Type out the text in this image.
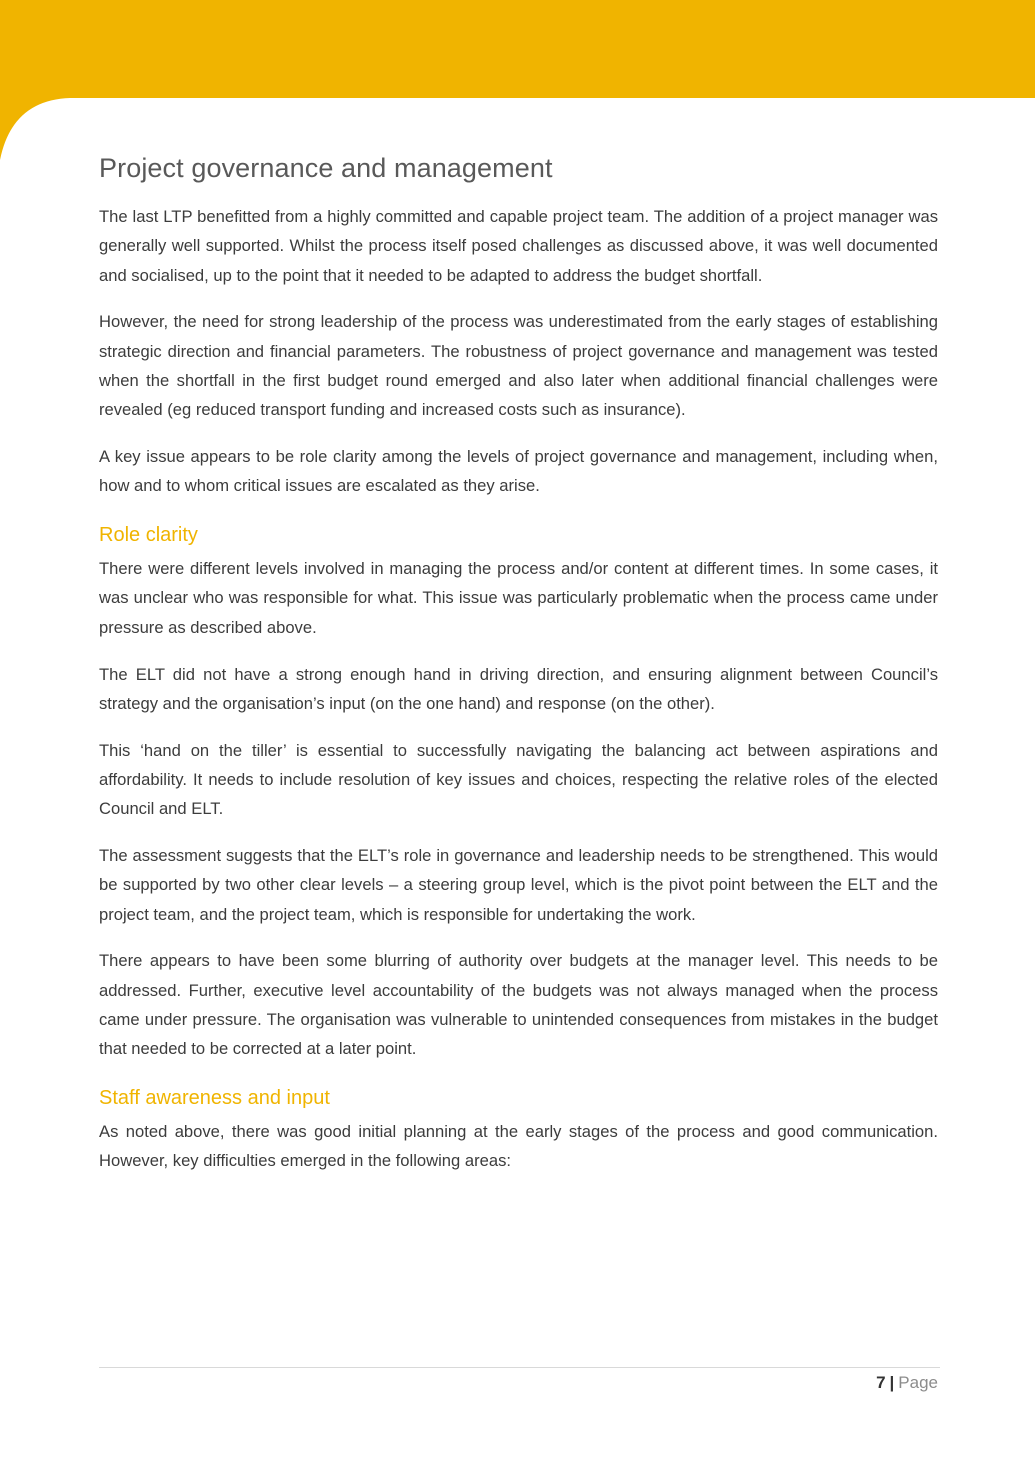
Project governance and management

The last LTP benefitted from a highly committed and capable project team. The addition of a project manager was generally well supported. Whilst the process itself posed challenges as discussed above, it was well documented and socialised, up to the point that it needed to be adapted to address the budget shortfall.

However, the need for strong leadership of the process was underestimated from the early stages of establishing strategic direction and financial parameters. The robustness of project governance and management was tested when the shortfall in the first budget round emerged and also later when additional financial challenges were revealed (eg reduced transport funding and increased costs such as insurance).

A key issue appears to be role clarity among the levels of project governance and management, including when, how and to whom critical issues are escalated as they arise.

Role clarity

There were different levels involved in managing the process and/or content at different times. In some cases, it was unclear who was responsible for what. This issue was particularly problematic when the process came under pressure as described above.

The ELT did not have a strong enough hand in driving direction, and ensuring alignment between Council’s strategy and the organisation’s input (on the one hand) and response (on the other).

This ‘hand on the tiller’ is essential to successfully navigating the balancing act between aspirations and affordability. It needs to include resolution of key issues and choices, respecting the relative roles of the elected Council and ELT.

The assessment suggests that the ELT’s role in governance and leadership needs to be strengthened. This would be supported by two other clear levels – a steering group level, which is the pivot point between the ELT and the project team, and the project team, which is responsible for undertaking the work.

There appears to have been some blurring of authority over budgets at the manager level. This needs to be addressed. Further, executive level accountability of the budgets was not always managed when the process came under pressure. The organisation was vulnerable to unintended consequences from mistakes in the budget that needed to be corrected at a later point.

Staff awareness and input

As noted above, there was good initial planning at the early stages of the process and good communication. However, key difficulties emerged in the following areas:

7 | Page
